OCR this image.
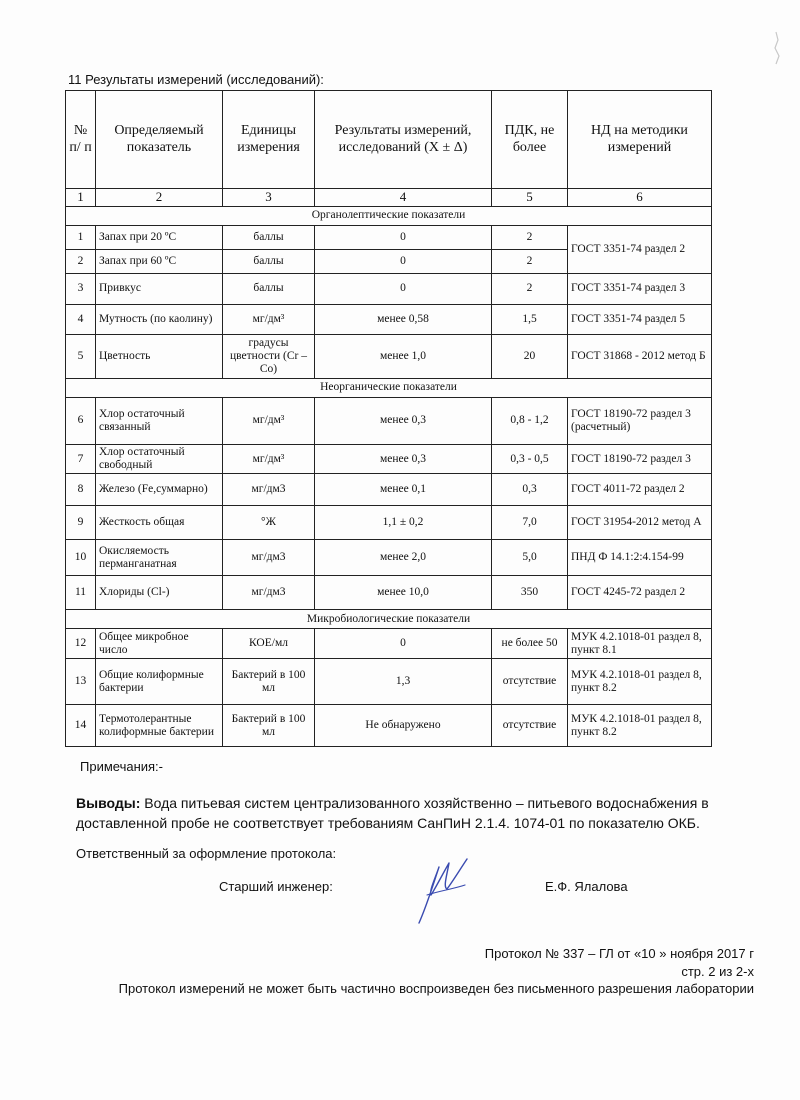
11 Результаты измерений (исследований):
№ п/ п	Определяемый показатель	Единицы измерения	Результаты измерений, исследований (X ± Δ)	ПДК, не более	НД на методики измерений
1	2	3	4	5	6
Органолептические показатели					
1	Запах при 20 ºС	баллы	0	2	ГОСТ 3351-74 раздел 2
2	Запах при 60 ºС	баллы	0	2	
3	Привкус	баллы	0	2	ГОСТ 3351-74 раздел 3
4	Мутность (по каолину)	мг/дм³	менее 0,58	1,5	ГОСТ 3351-74 раздел 5
5	Цветность	градусы цветности (Cr – Co)	менее 1,0	20	ГОСТ 31868 - 2012 метод Б
Неорганические показатели					
6	Хлор остаточный связанный	мг/дм³	менее 0,3	0,8 - 1,2	ГОСТ 18190-72 раздел 3 (расчетный)
7	Хлор остаточный свободный	мг/дм³	менее 0,3	0,3 - 0,5	ГОСТ 18190-72 раздел 3
8	Железо (Fe,суммарно)	мг/дм3	менее 0,1	0,3	ГОСТ 4011-72 раздел 2
9	Жесткость общая	°Ж	1,1 ± 0,2	7,0	ГОСТ 31954-2012 метод А
10	Окисляемость перманганатная	мг/дм3	менее 2,0	5,0	ПНД Ф 14.1:2:4.154-99
11	Хлориды (Cl-)	мг/дм3	менее 10,0	350	ГОСТ 4245-72 раздел 2
Микробиологические показатели					
12	Общее микробное число	КОЕ/мл	0	не более 50	МУК 4.2.1018-01 раздел 8, пункт 8.1
13	Общие колиформные бактерии	Бактерий в 100 мл	1,3	отсутствие	МУК 4.2.1018-01 раздел 8, пункт 8.2
14	Термотолерантные колиформные бактерии	Бактерий в 100 мл	Не обнаружено	отсутствие	МУК 4.2.1018-01 раздел 8, пункт 8.2
Примечания:-
Выводы: Вода питьевая систем централизованного хозяйственно – питьевого водоснабжения в доставленной пробе не соответствует требованиям СанПиН 2.1.4. 1074-01 по показателю ОКБ.
Ответственный за оформление протокола:
Старший инженер:	Е.Ф. Ялалова
Протокол № 337 – ГЛ от «10 » ноября 2017 г
стр. 2 из 2-х
Протокол измерений не может быть частично воспроизведен без письменного разрешения лаборатории
